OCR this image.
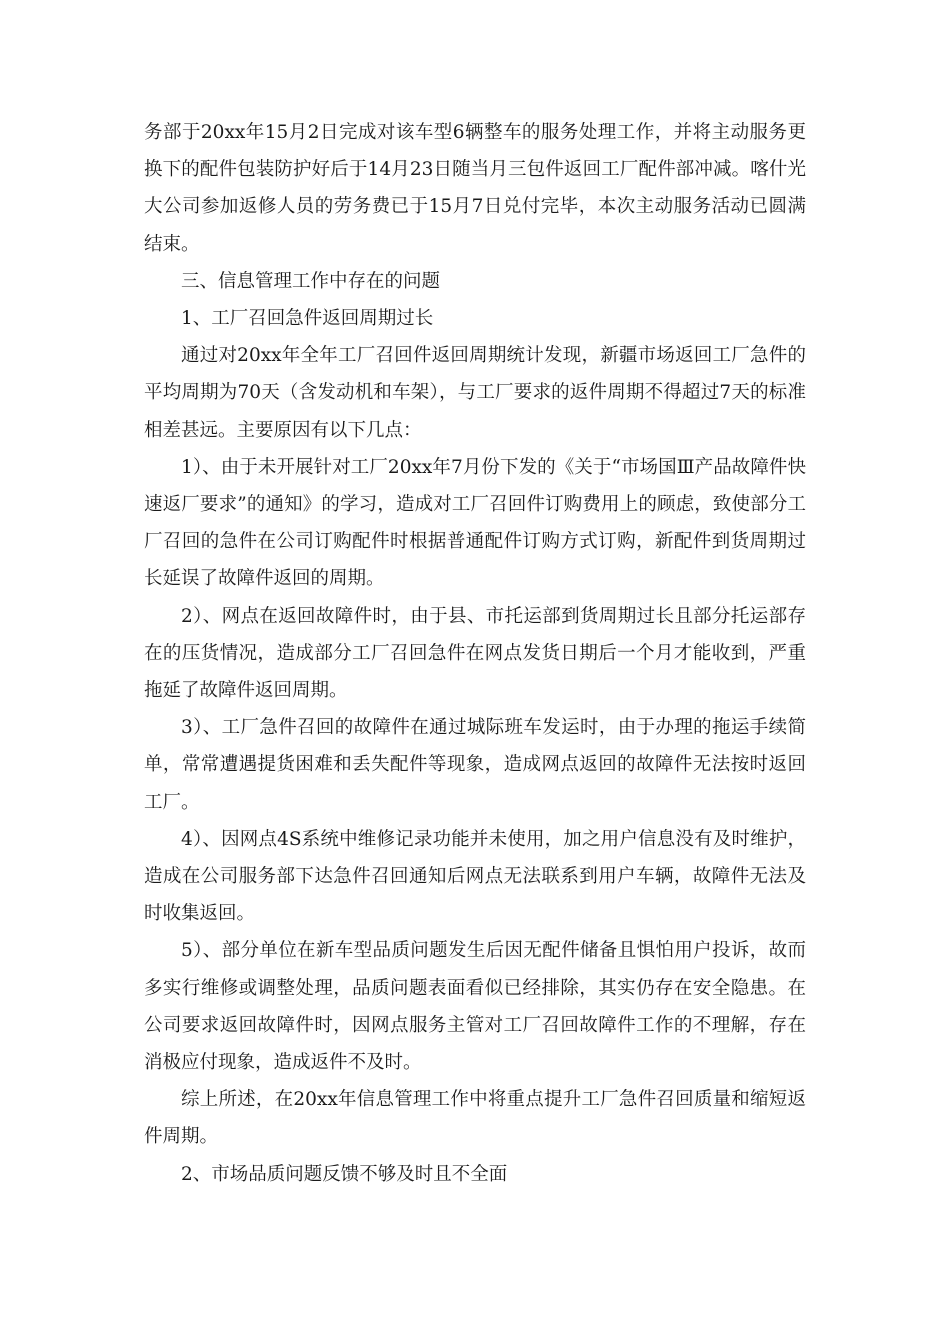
务部于20xx年15月2日完成对该车型6辆整车的服务处理工作，并将主动服务更换下的配件包装防护好后于14月23日随当月三包件返回工厂配件部冲减。喀什光大公司参加返修人员的劳务费已于15月7日兑付完毕，本次主动服务活动已圆满结束。

三、信息管理工作中存在的问题

1、工厂召回急件返回周期过长

通过对20xx年全年工厂召回件返回周期统计发现，新疆市场返回工厂急件的平均周期为70天（含发动机和车架），与工厂要求的返件周期不得超过7天的标准相差甚远。主要原因有以下几点：

1）、由于未开展针对工厂20xx年7月份下发的《关于“市场国Ⅲ产品故障件快速返厂要求”的通知》的学习，造成对工厂召回件订购费用上的顾虑，致使部分工厂召回的急件在公司订购配件时根据普通配件订购方式订购，新配件到货周期过长延误了故障件返回的周期。

2）、网点在返回故障件时，由于县、市托运部到货周期过长且部分托运部存在的压货情况，造成部分工厂召回急件在网点发货日期后一个月才能收到，严重拖延了故障件返回周期。

3）、工厂急件召回的故障件在通过城际班车发运时，由于办理的拖运手续简单，常常遭遇提货困难和丢失配件等现象，造成网点返回的故障件无法按时返回工厂。

4）、因网点4S系统中维修记录功能并未使用，加之用户信息没有及时维护，造成在公司服务部下达急件召回通知后网点无法联系到用户车辆，故障件无法及时收集返回。

5）、部分单位在新车型品质问题发生后因无配件储备且惧怕用户投诉，故而多实行维修或调整处理，品质问题表面看似已经排除，其实仍存在安全隐患。在公司要求返回故障件时，因网点服务主管对工厂召回故障件工作的不理解，存在消极应付现象，造成返件不及时。

综上所述，在20xx年信息管理工作中将重点提升工厂急件召回质量和缩短返件周期。

2、市场品质问题反馈不够及时且不全面
